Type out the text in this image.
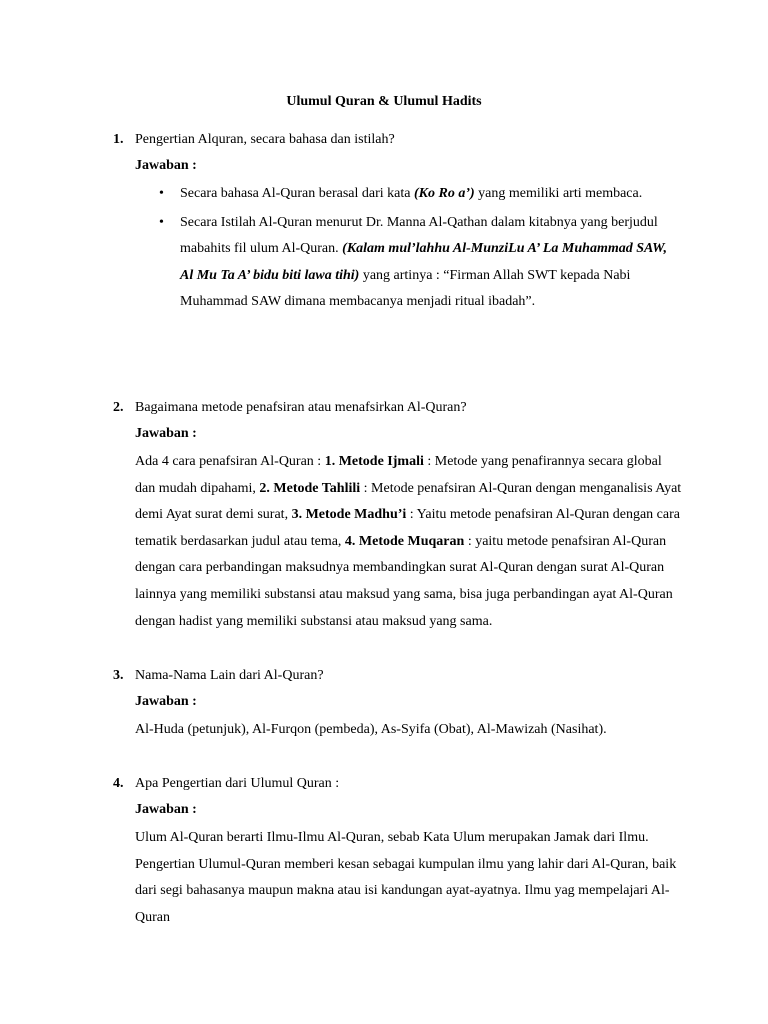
Ulumul Quran & Ulumul Hadits
1. Pengertian Alquran, secara bahasa dan istilah?
Jawaban :
• Secara bahasa Al-Quran berasal dari kata (Ko Ro a’) yang memiliki arti membaca.
• Secara Istilah Al-Quran menurut Dr. Manna Al-Qathan dalam kitabnya yang berjudul mabahits fil ulum Al-Quran. (Kalam mul’lahhu Al-MunziLu A’ La Muhammad SAW, Al Mu Ta A’ bidu biti lawa tihi) yang artinya : “Firman Allah SWT kepada Nabi Muhammad SAW dimana membacanya menjadi ritual ibadah”.
2. Bagaimana metode penafsiran atau menafsirkan Al-Quran?
Jawaban :

Ada 4 cara penafsiran Al-Quran : 1. Metode Ijmali : Metode yang penafirannya secara global dan mudah dipahami, 2. Metode Tahlili : Metode penafsiran Al-Quran dengan menganalisis Ayat demi Ayat surat demi surat, 3. Metode Madhu’i : Yaitu metode penafsiran Al-Quran dengan cara tematik berdasarkan judul atau tema, 4. Metode Muqaran : yaitu metode penafsiran Al-Quran dengan cara perbandingan maksudnya membandingkan surat Al-Quran dengan surat Al-Quran lainnya yang memiliki substansi atau maksud yang sama, bisa juga perbandingan ayat Al-Quran dengan hadist yang memiliki substansi atau maksud yang sama.

3. Nama-Nama Lain dari Al-Quran?
Jawaban :

Al-Huda (petunjuk), Al-Furqon (pembeda), As-Syifa (Obat), Al-Mawizah (Nasihat).

4. Apa Pengertian dari Ulumul Quran :
Jawaban :

Ulum Al-Quran berarti Ilmu-Ilmu Al-Quran, sebab Kata Ulum merupakan Jamak dari Ilmu. Pengertian Ulumul-Quran memberi kesan sebagai kumpulan ilmu yang lahir dari Al-Quran, baik dari segi bahasanya maupun makna atau isi kandungan ayat-ayatnya. Ilmu yag mempelajari Al-Quran
